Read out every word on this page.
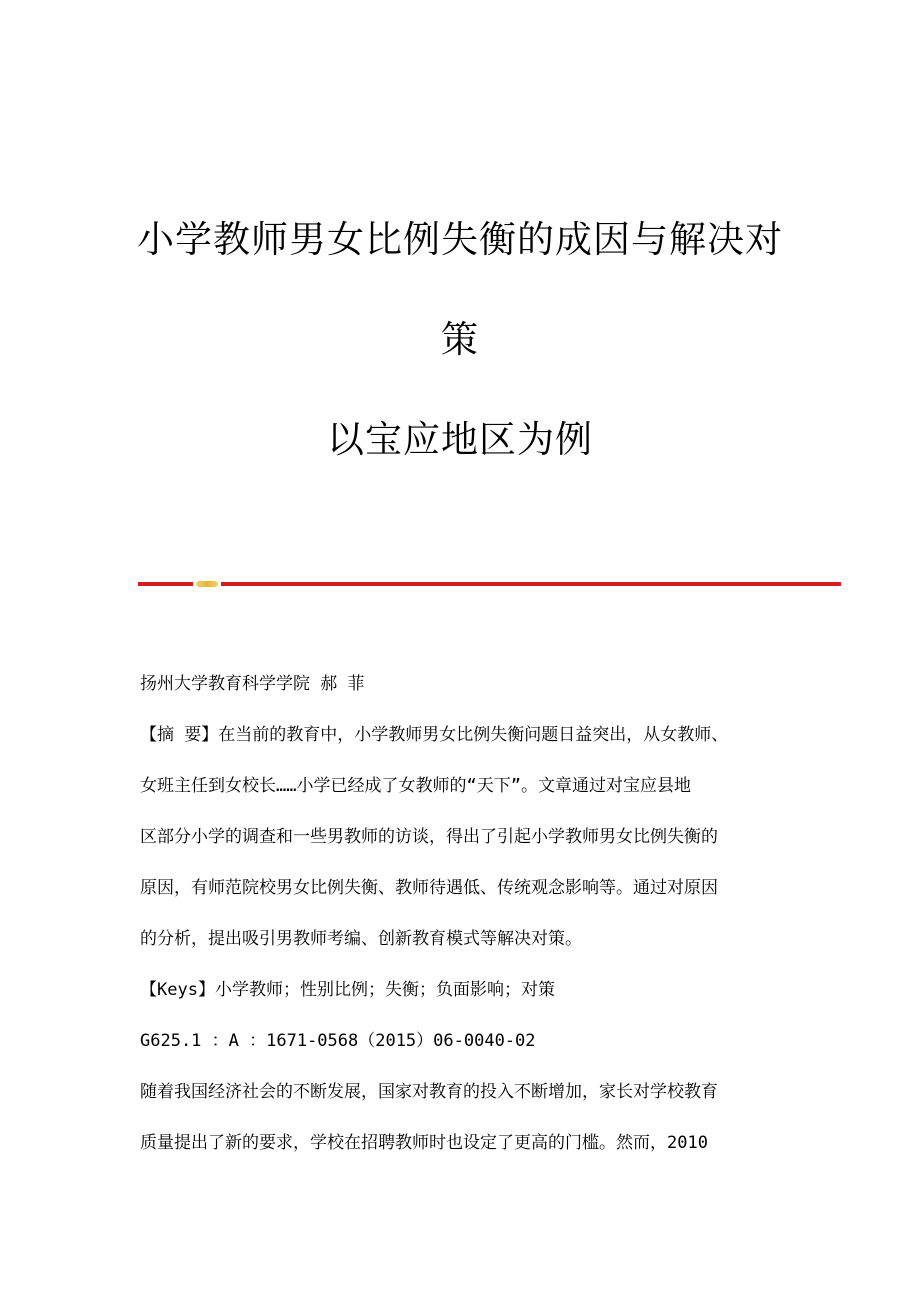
小学教师男女比例失衡的成因与解决对
策
以宝应地区为例
扬州大学教育科学学院 郝 菲
【摘 要】在当前的教育中，小学教师男女比例失衡问题日益突出，从女教师、
女班主任到女校长……小学已经成了女教师的“天下”。文章通过对宝应县地
区部分小学的调查和一些男教师的访谈，得出了引起小学教师男女比例失衡的
原因，有师范院校男女比例失衡、教师待遇低、传统观念影响等。通过对原因
的分析，提出吸引男教师考编、创新教育模式等解决对策。
【Keys】小学教师；性别比例；失衡；负面影响；对策
G625.1 ：A ：1671-0568（2015）06-0040-02
随着我国经济社会的不断发展，国家对教育的投入不断增加，家长对学校教育
质量提出了新的要求，学校在招聘教师时也设定了更高的门槛。然而，2010
